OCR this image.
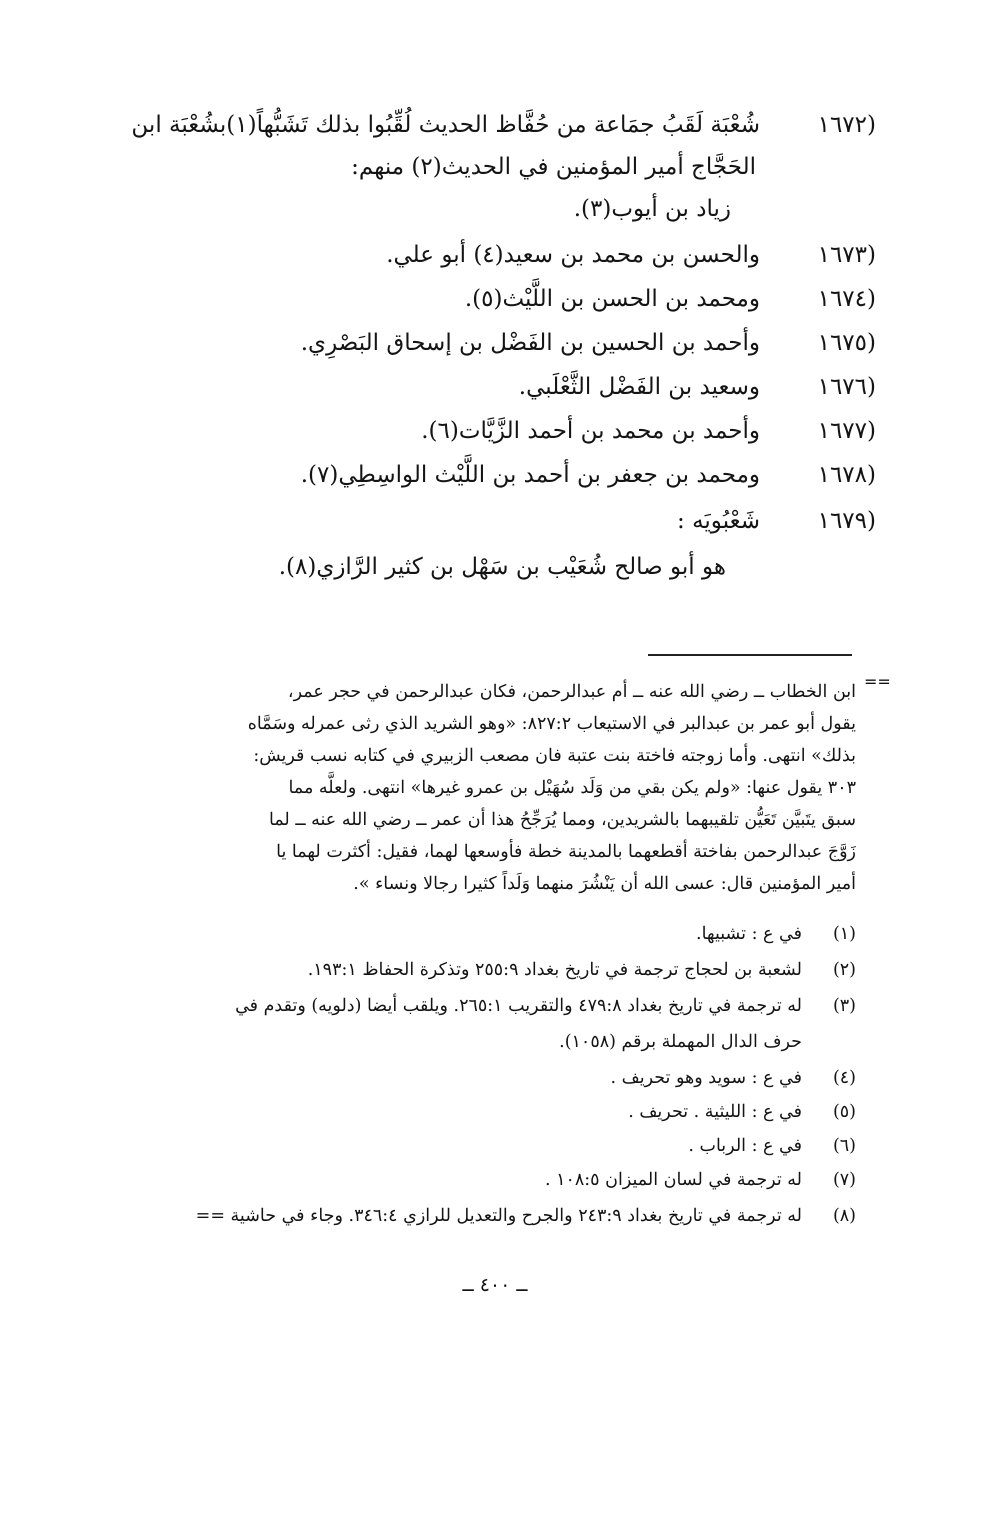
(١٦٧٢
شُعْبَة لَقَبُ جمَاعة من حُفَّاظ الحديث لُقِّبُوا بذلك تَشَبُّهاً(١)بشُعْبَة ابن
الحَجَّاج أمير المؤمنين في الحديث(٢) منهم:
زياد بن أيوب(٣).
(١٦٧٣
والحسن بن محمد بن سعيد(٤) أبو علي.
(١٦٧٤
ومحمد بن الحسن بن اللَّيْث(٥).
(١٦٧٥
وأحمد بن الحسين بن الفَضْل بن إسحاق البَصْرِي.
(١٦٧٦
وسعيد بن الفَضْل الثَّعْلَبي.
(١٦٧٧
وأحمد بن محمد بن أحمد الزَّيَّات(٦).
(١٦٧٨
ومحمد بن جعفر بن أحمد بن اللَّيْث الواسِطِي(٧).
(١٦٧٩
شَعْبُويَه :
هو أبو صالح شُعَيْب بن سَهْل بن كثير الرَّازي(٨).
==
ابن الخطاب ــ رضي الله عنه ــ أم عبدالرحمن، فكان عبدالرحمن في حجر عمر،
يقول أبو عمر بن عبدالبر في الاستيعاب ٨٢٧:٢: «وهو الشريد الذي رثى عمرله وسَمَّاه
بذلك» انتهى. وأما زوجته فاختة بنت عتبة فان مصعب الزبيري في كتابه نسب قريش:
٣٠٣ يقول عنها: «ولم يكن بقي من وَلَد سُهَيْل بن عمرو غيرها» انتهى. ولعلَّه مما
سبق يتَبيَّن تَعَيُّن تلقيبهما بالشريدين، ومما يُرَجِّحُ هذا أن عمر ــ رضي الله عنه ــ لما
زَوَّجَ عبدالرحمن بفاختة أقطعهما بالمدينة خطة فأوسعها لهما، فقيل: أكثرت لهما يا
أمير المؤمنين قال: عسى الله أن يَنْشُرَ منهما وَلَداً كثيرا رجالا ونساء ».
(١)
في ع : تشبيها.
(٢)
لشعبة بن لحجاج ترجمة في تاريخ بغداد ٢٥٥:٩ وتذكرة الحفاظ ١٩٣:١.
(٣)
له ترجمة في تاريخ بغداد ٤٧٩:٨ والتقريب ٢٦٥:١. ويلقب أيضا (دلويه) وتقدم في
حرف الدال المهملة برقم (١٠٥٨).
(٤)
في ع : سويد وهو تحريف .
(٥)
في ع : الليثية . تحريف .
(٦)
في ع : الرباب .
(٧)
له ترجمة في لسان الميزان ١٠٨:٥ .
(٨)
له ترجمة في تاريخ بغداد ٢٤٣:٩ والجرح والتعديل للرازي ٣٤٦:٤. وجاء في حاشية ==
ــ ٤٠٠ ــ
